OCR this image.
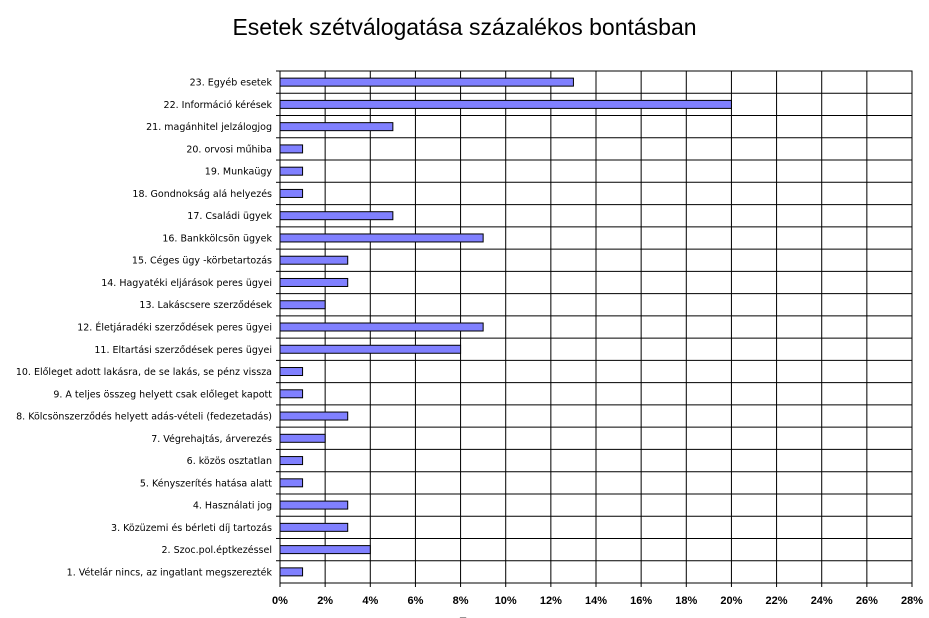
Esetek szétválogatása százalékos bontásban
23. Egyéb esetek
22. Információ kérések
21. magánhitel jelzálogjog
20. orvosi műhiba
19. Munkaügy
18. Gondnokság alá helyezés
17. Családi ügyek
16. Bankkölcsön ügyek
15. Céges ügy -körbetartozás
14. Hagyatéki eljárások peres ügyei
13. Lakáscsere szerződések
12. Életjáradéki szerződések peres ügyei
11. Eltartási szerződések peres ügyei
10. Előleget adott lakásra, de se lakás, se pénz vissza
9. A teljes összeg helyett csak előleget kapott
8. Kölcsönszerződés helyett adás-vételi (fedezetadás)
7. Végrehajtás, árverezés
6. közös osztatlan
5. Kényszerítés hatása alatt
4. Használati jog
3. Közüzemi és bérleti díj tartozás
2. Szoc.pol.éptkezéssel
1. Vételár nincs, az ingatlant megszerezték
0%	2%	4%	6%	8% 10% 12% 14% 16% 18% 20% 22% 24% 26% 28%
_
